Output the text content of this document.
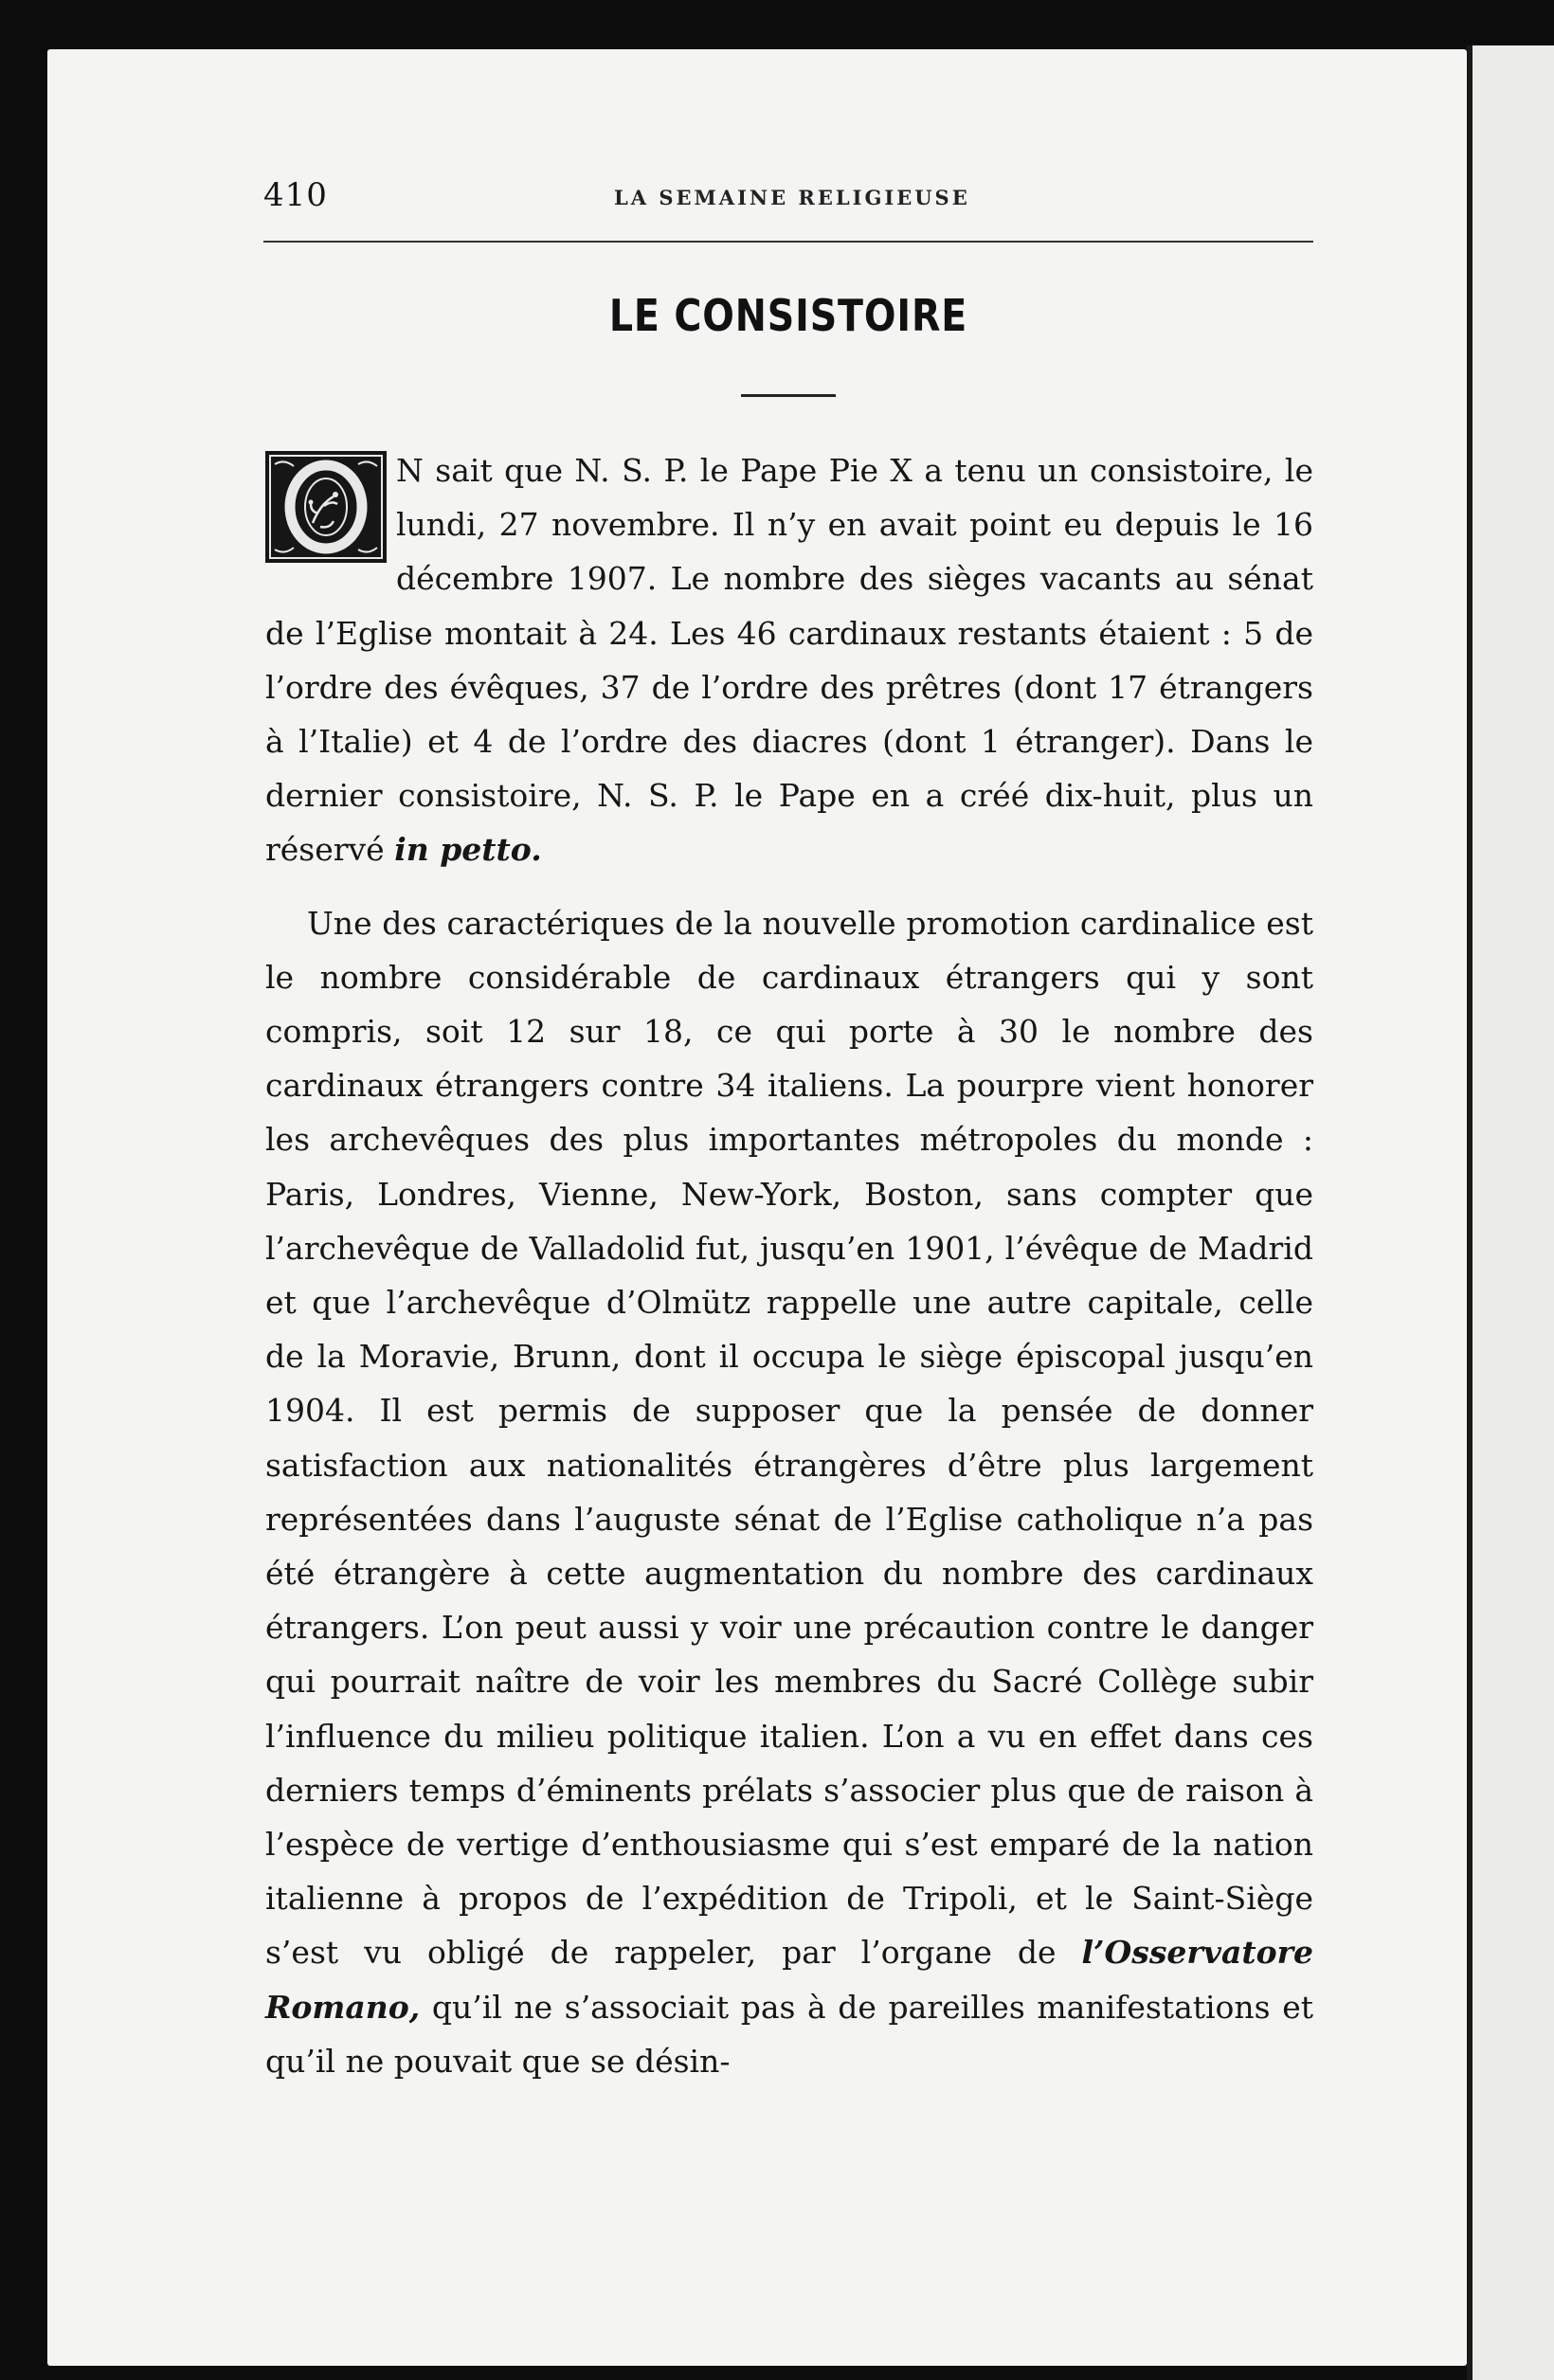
410	LA SEMAINE RELIGIEUSE
LE CONSISTOIRE

N sait que N. S. P. le Pape Pie X a tenu un consistoire, le lundi, 27 novembre. Il n’y en avait point eu depuis le 16 décembre 1907. Le nombre des sièges vacants au sénat de l’Eglise montait à 24. Les 46 cardinaux restants étaient : 5 de l’ordre des évêques, 37 de l’ordre des prêtres (dont 17 étrangers à l’Italie) et 4 de l’ordre des diacres (dont 1 étranger). Dans le dernier consistoire, N. S. P. le Pape en a créé dix-huit, plus un réservé in petto.

Une des caractériques de la nouvelle promotion cardinalice est le nombre considérable de cardinaux étrangers qui y sont compris, soit 12 sur 18, ce qui porte à 30 le nombre des cardinaux étrangers contre 34 italiens. La pourpre vient honorer les archevêques des plus importantes métropoles du monde : Paris, Londres, Vienne, New-York, Boston, sans compter que l’archevêque de Valladolid fut, jusqu’en 1901, l’évêque de Madrid et que l’archevêque d’Olmütz rappelle une autre capitale, celle de la Moravie, Brunn, dont il occupa le siège épiscopal jusqu’en 1904. Il est permis de supposer que la pensée de donner satisfaction aux nationalités étrangères d’être plus largement représentées dans l’auguste sénat de l’Eglise catholique n’a pas été étrangère à cette augmentation du nombre des cardinaux étrangers. L’on peut aussi y voir une précaution contre le danger qui pourrait naître de voir les membres du Sacré Collège subir l’influence du milieu politique italien. L’on a vu en effet dans ces derniers temps d’éminents prélats s’associer plus que de raison à l’espèce de vertige d’enthousiasme qui s’est emparé de la nation italienne à propos de l’expédition de Tripoli, et le Saint-Siège s’est vu obligé de rappeler, par l’organe de l’Osservatore Romano, qu’il ne s’associait pas à de pareilles manifestations et qu’il ne pouvait que se désin-
